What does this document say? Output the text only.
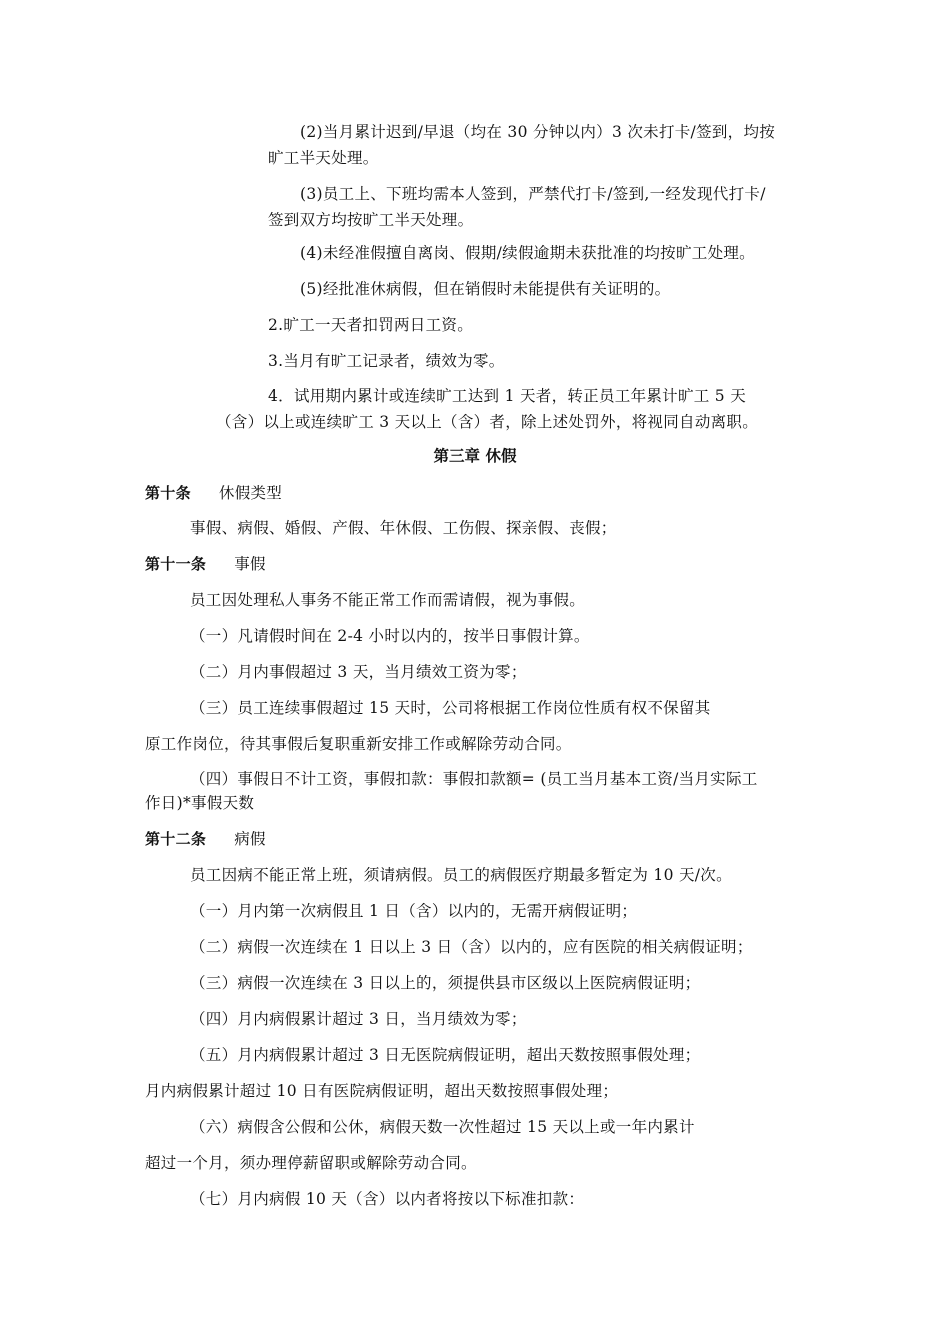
(2)当月累计迟到/早退（均在 30 分钟以内）3 次未打卡/签到，均按
旷工半天处理。
(3)员工上、下班均需本人签到，严禁代打卡/签到,一经发现代打卡/
签到双方均按旷工半天处理。
(4)未经准假擅自离岗、假期/续假逾期未获批准的均按旷工处理。
(5)经批准休病假，但在销假时未能提供有关证明的。
2.旷工一天者扣罚两日工资。
3.当月有旷工记录者，绩效为零。
4．试用期内累计或连续旷工达到 1 天者，转正员工年累计旷工 5 天
（含）以上或连续旷工 3 天以上（含）者，除上述处罚外，将视同自动离职。
第三章 休假
第十条 休假类型
事假、病假、婚假、产假、年休假、工伤假、探亲假、丧假；
第十一条 事假
员工因处理私人事务不能正常工作而需请假，视为事假。
（一）凡请假时间在 2-4 小时以内的，按半日事假计算。
（二）月内事假超过 3 天，当月绩效工资为零；
（三）员工连续事假超过 15 天时，公司将根据工作岗位性质有权不保留其
原工作岗位，待其事假后复职重新安排工作或解除劳动合同。
（四）事假日不计工资，事假扣款：事假扣款额= (员工当月基本工资/当月实际工
作日)*事假天数
第十二条 病假
员工因病不能正常上班，须请病假。员工的病假医疗期最多暂定为 10 天/次。
（一）月内第一次病假且 1 日（含）以内的，无需开病假证明；
（二）病假一次连续在 1 日以上 3 日（含）以内的，应有医院的相关病假证明；
（三）病假一次连续在 3 日以上的，须提供县市区级以上医院病假证明；
（四）月内病假累计超过 3 日，当月绩效为零；
（五）月内病假累计超过 3 日无医院病假证明，超出天数按照事假处理；
月内病假累计超过 10 日有医院病假证明，超出天数按照事假处理；
（六）病假含公假和公休，病假天数一次性超过 15 天以上或一年内累计
超过一个月，须办理停薪留职或解除劳动合同。
（七）月内病假 10 天（含）以内者将按以下标准扣款：
